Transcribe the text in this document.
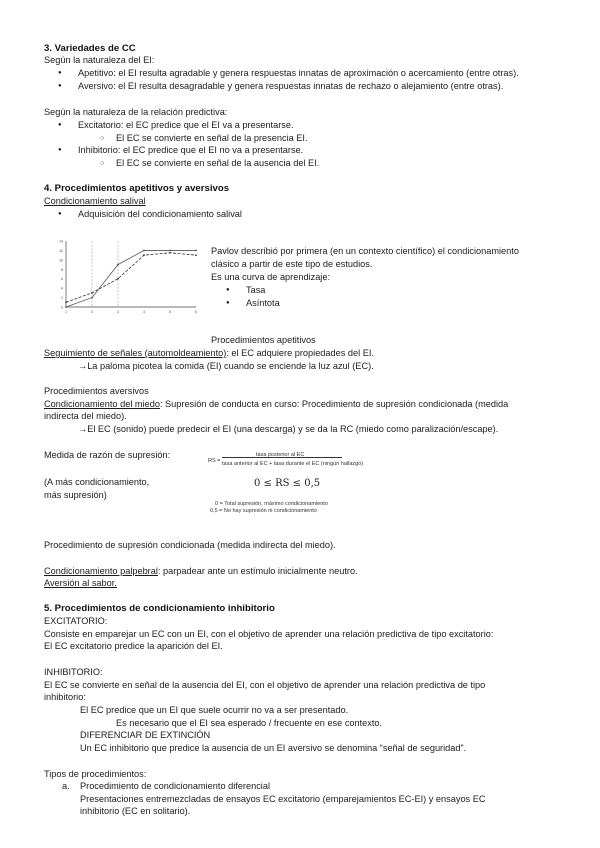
3. Variedades de CC
Según la naturaleza del EI:
● Apetitivo: el EI resulta agradable y genera respuestas innatas de aproximación o acercamiento (entre otras).
● Aversivo: el EI resulta desagradable y genera respuestas innatas de rechazo o alejamiento (entre otras).
Según la naturaleza de la relación predictiva:
● Excitatorio: el EC predice que el EI va a presentarse.
○ El EC se convierte en señal de la presencia EI.
● Inhibitorio: el EC predice que el EI no va a presentarse.
○ El EC se convierte en señal de la ausencia del EI.
4. Procedimientos apetitivos y aversivos
Condicionamiento salival
● Adquisición del condicionamiento salival
0
2
4
6
8
10
12
14
1	2	3	4	5	6
Pavlov describió por primera (en un contexto científico) el condicionamiento
clásico a partir de este tipo de estudios.
Es una curva de aprendizaje:
● Tasa
● Asíntota
Procedimientos apetitivos
Seguimiento de señales (automoldeamiento): el EC adquiere propiedades del EI.
→La paloma picotea la comida (EI) cuando se enciende la luz azul (EC).
Procedimientos aversivos
Condicionamiento del miedo: Supresión de conducta en curso: Procedimiento de supresión condicionada (medida
indirecta del miedo).
→El EC (sonido) puede predecir el EI (una descarga) y se da la RC (miedo como paralización/escape).
Medida de razón de supresión:
RS =
tasa posterior al EC
tasa anterior al EC + tasa durante el EC (ningún hallazgo)
(A más condicionamiento,
más supresión)
0 ≤ RS ≤ 0,5
0 = Total supresión, máximo condicionamiento
0,5 = No hay supresión ni condicionamiento
Procedimiento de supresión condicionada (medida indirecta del miedo).
Condicionamiento palpebral: parpadear ante un estímulo inicialmente neutro.
Aversión al sabor.
5. Procedimientos de condicionamiento inhibitorio
EXCITATORIO:
Consiste en emparejar un EC con un EI, con el objetivo de aprender una relación predictiva de tipo excitatorio:
El EC excitatorio predice la aparición del EI.
INHIBITORIO:
El EC se convierte en señal de la ausencia del EI, con el objetivo de aprender una relación predictiva de tipo
inhibitorio:
El EC predice que un EI que suele ocurrir no va a ser presentado.
Es necesario que el EI sea esperado / frecuente en ese contexto.
DIFERENCIAR DE EXTINCIÓN
Un EC inhibitorio que predice la ausencia de un EI aversivo se denomina “señal de seguridad”.
Tipos de procedimientos:
a. Procedimiento de condicionamiento diferencial
Presentaciones entremezcladas de ensayos EC excitatorio (emparejamientos EC-EI) y ensayos EC
inhibitorio (EC en solitario).
